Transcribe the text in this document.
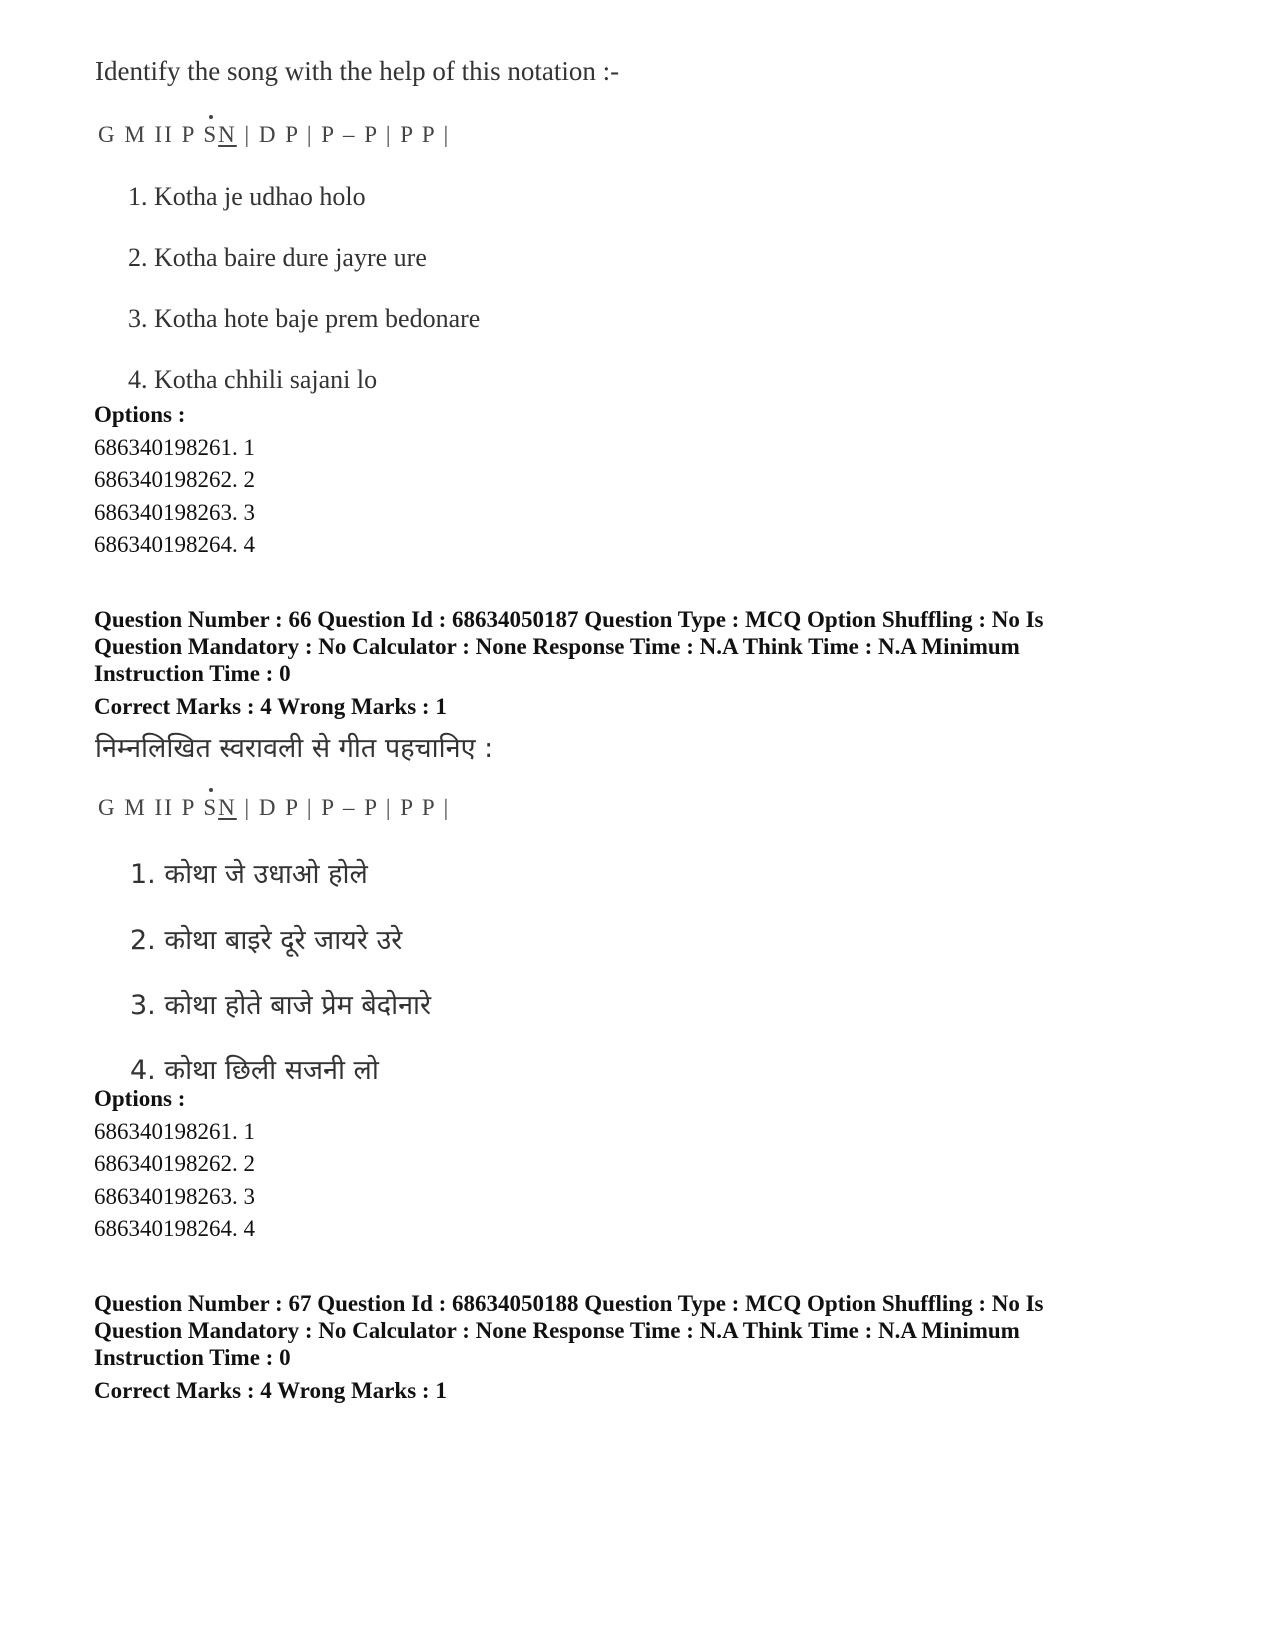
Identify the song with the help of this notation :-
G M II P SN | D P | P – P | P P |
1. Kotha je udhao holo
2. Kotha baire dure jayre ure
3. Kotha hote baje prem bedonare
4. Kotha chhili sajani lo
Options :
686340198261. 1
686340198262. 2
686340198263. 3
686340198264. 4
Question Number : 66 Question Id : 68634050187 Question Type : MCQ Option Shuffling : No Is
Question Mandatory : No Calculator : None Response Time : N.A Think Time : N.A Minimum
Instruction Time : 0
Correct Marks : 4 Wrong Marks : 1
निम्नलिखित स्वरावली से गीत पहचानिए :
G M II P SN | D P | P – P | P P |
1. कोथा जे उधाओ होले
2. कोथा बाइरे दूरे जायरे उरे
3. कोथा होते बाजे प्रेम बेदोनारे
4. कोथा छिली सजनी लो
Options :
686340198261. 1
686340198262. 2
686340198263. 3
686340198264. 4
Question Number : 67 Question Id : 68634050188 Question Type : MCQ Option Shuffling : No Is
Question Mandatory : No Calculator : None Response Time : N.A Think Time : N.A Minimum
Instruction Time : 0
Correct Marks : 4 Wrong Marks : 1
